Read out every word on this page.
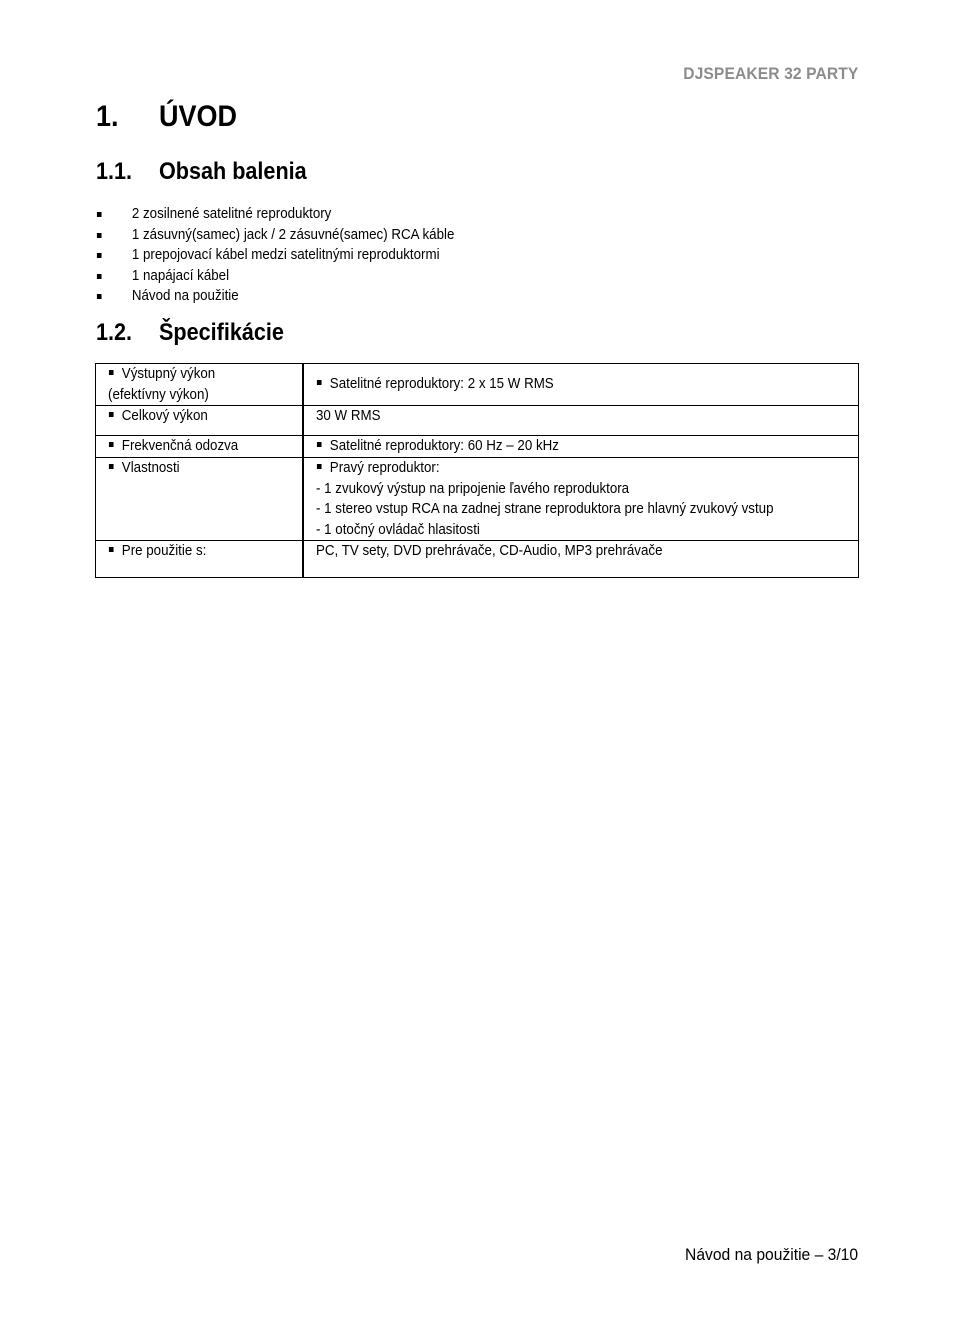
DJSPEAKER 32 PARTY
1. ÚVOD
1.1. Obsah balenia
2 zosilnené satelitné reproduktory
1 zásuvný(samec) jack / 2 zásuvné(samec) RCA káble
1 prepojovací kábel medzi satelitnými reproduktormi
1 napájací kábel
Návod na použitie
1.2. Špecifikácie
Výstupný výkon
(efektívny výkon)	Satelitné reproduktory: 2 x 15 W RMS

Celkový výkon	30 W RMS

Frekvenčná odozva	Satelitné reproduktory: 60 Hz – 20 kHz

Vlastnosti	Pravý reproduktor:
- 1 zvukový výstup na pripojenie ľavého reproduktora
- 1 stereo vstup RCA na zadnej strane reproduktora pre hlavný zvukový vstup
- 1 otočný ovládač hlasitosti

Pre použitie s:	PC, TV sety, DVD prehrávače, CD-Audio, MP3 prehrávače
Návod na použitie – 3/10
